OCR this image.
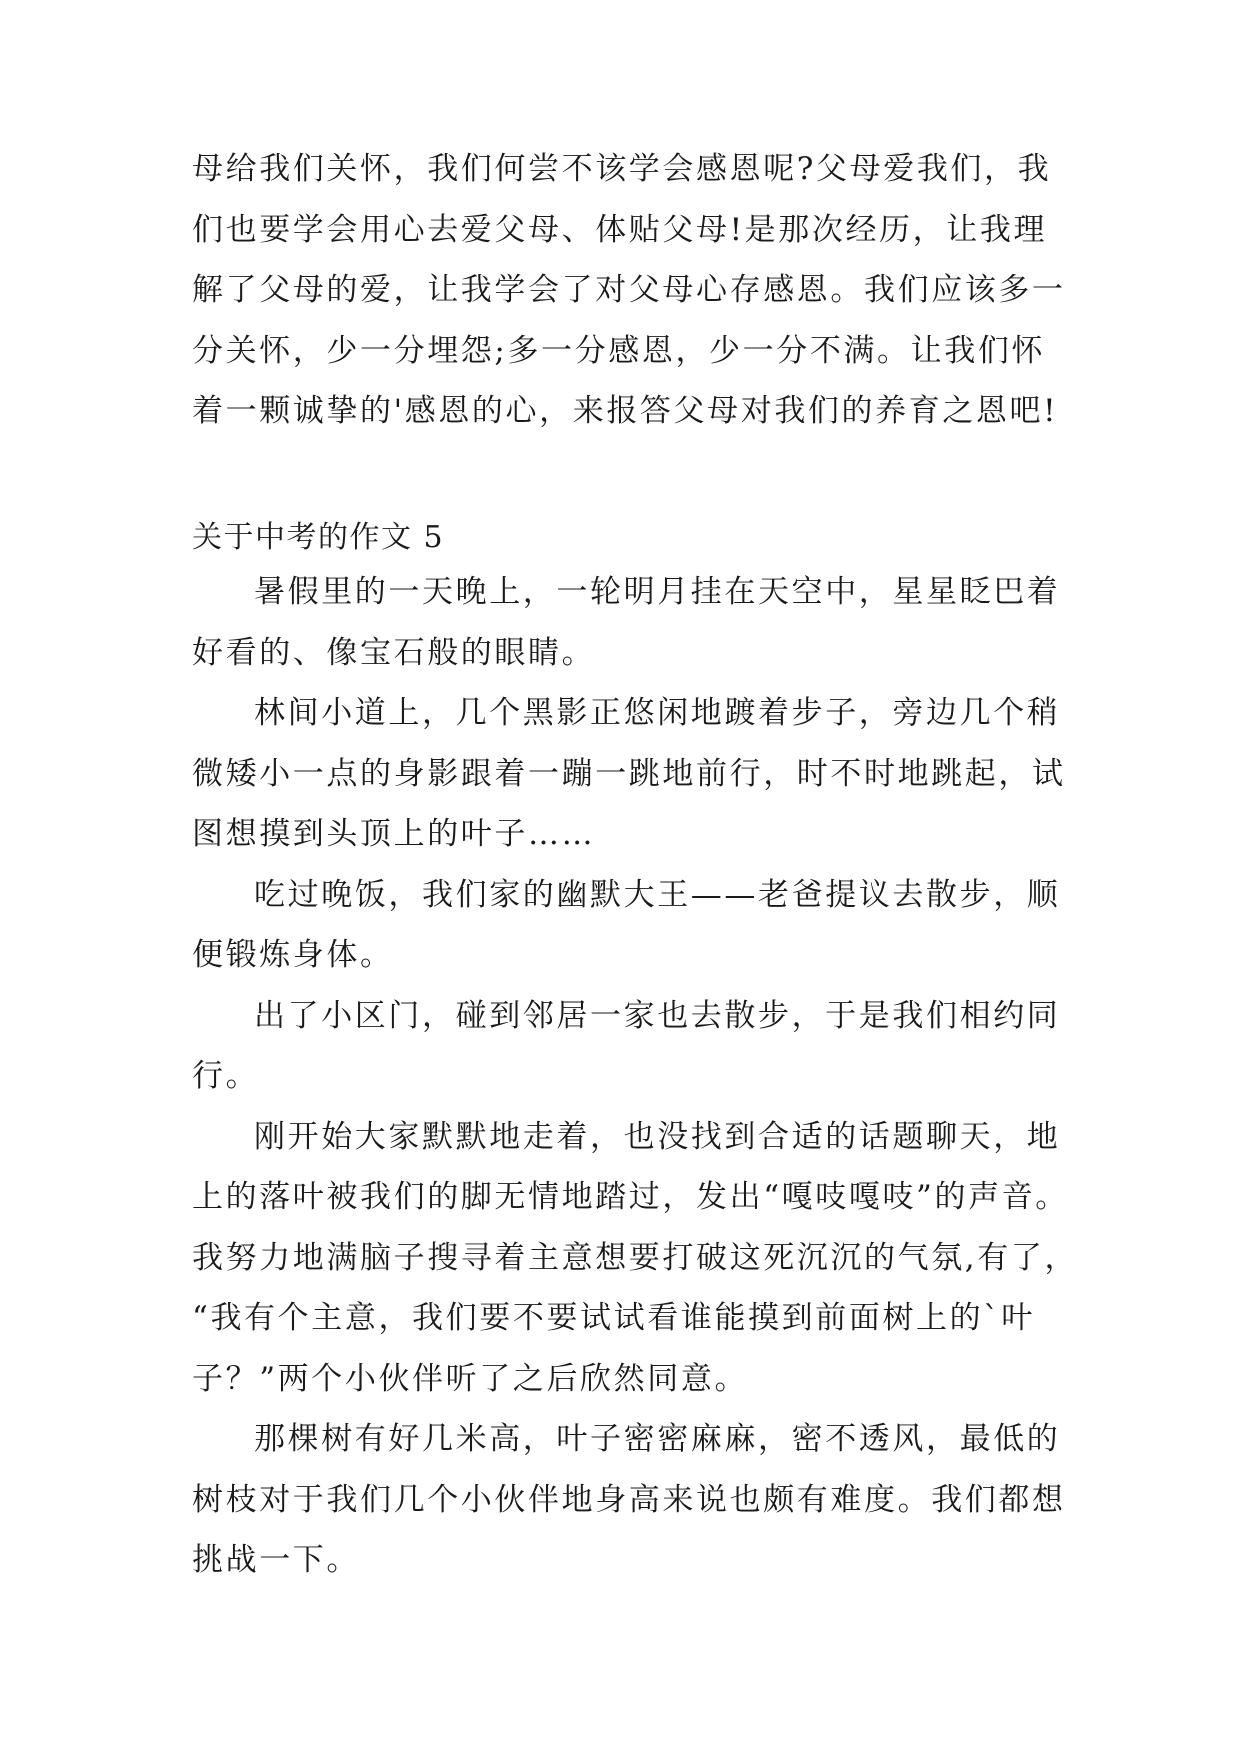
母给我们关怀，我们何尝不该学会感恩呢?父母爱我们，我
们也要学会用心去爱父母、体贴父母!是那次经历，让我理
解了父母的爱，让我学会了对父母心存感恩。我们应该多一
分关怀，少一分埋怨;多一分感恩，少一分不满。让我们怀
着一颗诚挚的'感恩的心，来报答父母对我们的养育之恩吧!
关于中考的作文 5
暑假里的一天晚上，一轮明月挂在天空中，星星眨巴着
好看的、像宝石般的眼睛。
林间小道上，几个黑影正悠闲地踱着步子，旁边几个稍
微矮小一点的身影跟着一蹦一跳地前行，时不时地跳起，试
图想摸到头顶上的叶子……
吃过晚饭，我们家的幽默大王——老爸提议去散步，顺
便锻炼身体。
出了小区门，碰到邻居一家也去散步，于是我们相约同
行。
刚开始大家默默地走着，也没找到合适的话题聊天，地
上的落叶被我们的脚无情地踏过，发出“嘎吱嘎吱”的声音。
我努力地满脑子搜寻着主意想要打破这死沉沉的气氛,有了，
“我有个主意，我们要不要试试看谁能摸到前面树上的`叶
子？”两个小伙伴听了之后欣然同意。
那棵树有好几米高，叶子密密麻麻，密不透风，最低的
树枝对于我们几个小伙伴地身高来说也颇有难度。我们都想
挑战一下。
